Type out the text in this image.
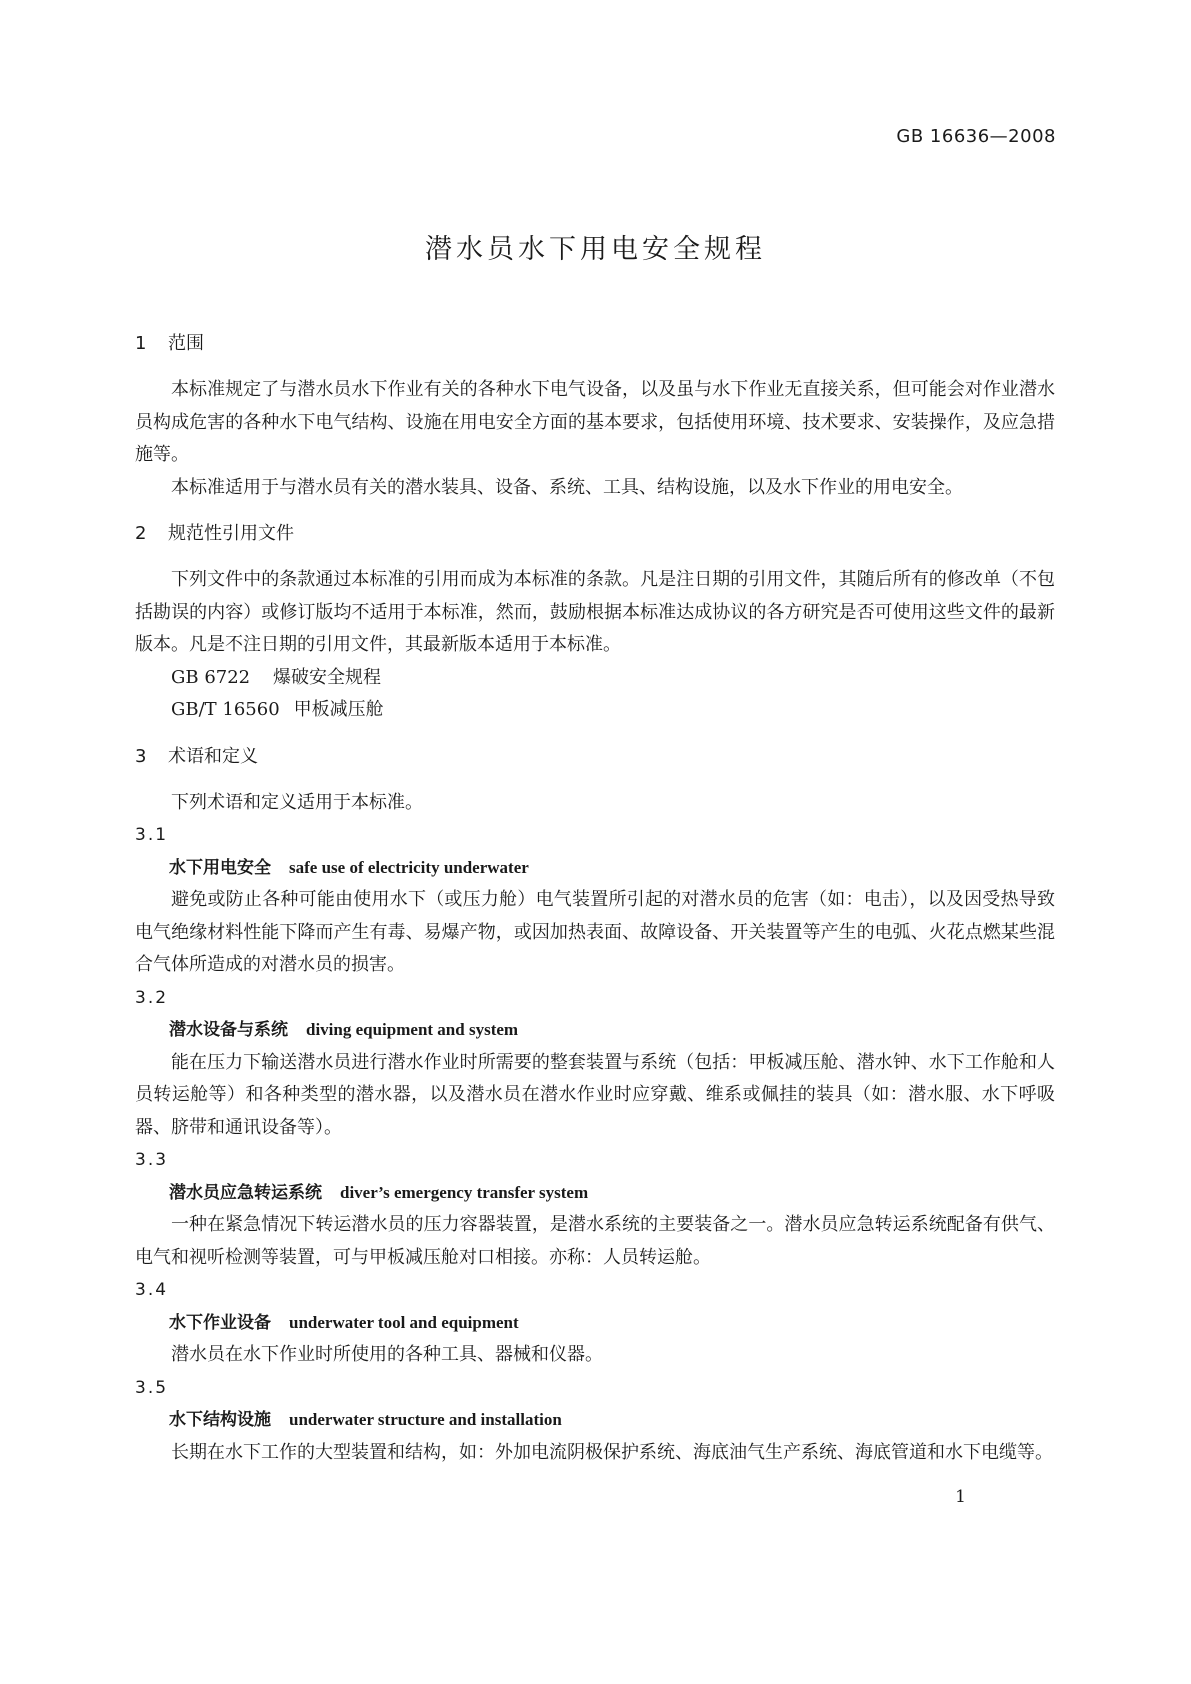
GB 16636—2008

潜水员水下用电安全规程
1 范围

本标准规定了与潜水员水下作业有关的各种水下电气设备，以及虽与水下作业无直接关系，但可能会对作业潜水员构成危害的各种水下电气结构、设施在用电安全方面的基本要求，包括使用环境、技术要求、安装操作，及应急措施等。

本标准适用于与潜水员有关的潜水装具、设备、系统、工具、结构设施，以及水下作业的用电安全。

2 规范性引用文件

下列文件中的条款通过本标准的引用而成为本标准的条款。凡是注日期的引用文件，其随后所有的修改单（不包括勘误的内容）或修订版均不适用于本标准，然而，鼓励根据本标准达成协议的各方研究是否可使用这些文件的最新版本。凡是不注日期的引用文件，其最新版本适用于本标准。

GB 6722 爆破安全规程

GB/T 16560 甲板减压舱

3 术语和定义

下列术语和定义适用于本标准。

3.1

水下用电安全 safe use of electricity underwater

避免或防止各种可能由使用水下（或压力舱）电气装置所引起的对潜水员的危害（如：电击），以及因受热导致电气绝缘材料性能下降而产生有毒、易爆产物，或因加热表面、故障设备、开关装置等产生的电弧、火花点燃某些混合气体所造成的对潜水员的损害。

3.2

潜水设备与系统 diving equipment and system

能在压力下输送潜水员进行潜水作业时所需要的整套装置与系统（包括：甲板减压舱、潜水钟、水下工作舱和人员转运舱等）和各种类型的潜水器，以及潜水员在潜水作业时应穿戴、维系或佩挂的装具（如：潜水服、水下呼吸器、脐带和通讯设备等）。

3.3

潜水员应急转运系统 diver’s emergency transfer system

一种在紧急情况下转运潜水员的压力容器装置，是潜水系统的主要装备之一。潜水员应急转运系统配备有供气、电气和视听检测等装置，可与甲板减压舱对口相接。亦称：人员转运舱。

3.4

水下作业设备 underwater tool and equipment

潜水员在水下作业时所使用的各种工具、器械和仪器。

3.5

水下结构设施 underwater structure and installation

长期在水下工作的大型装置和结构，如：外加电流阴极保护系统、海底油气生产系统、海底管道和水下电缆等。

1
